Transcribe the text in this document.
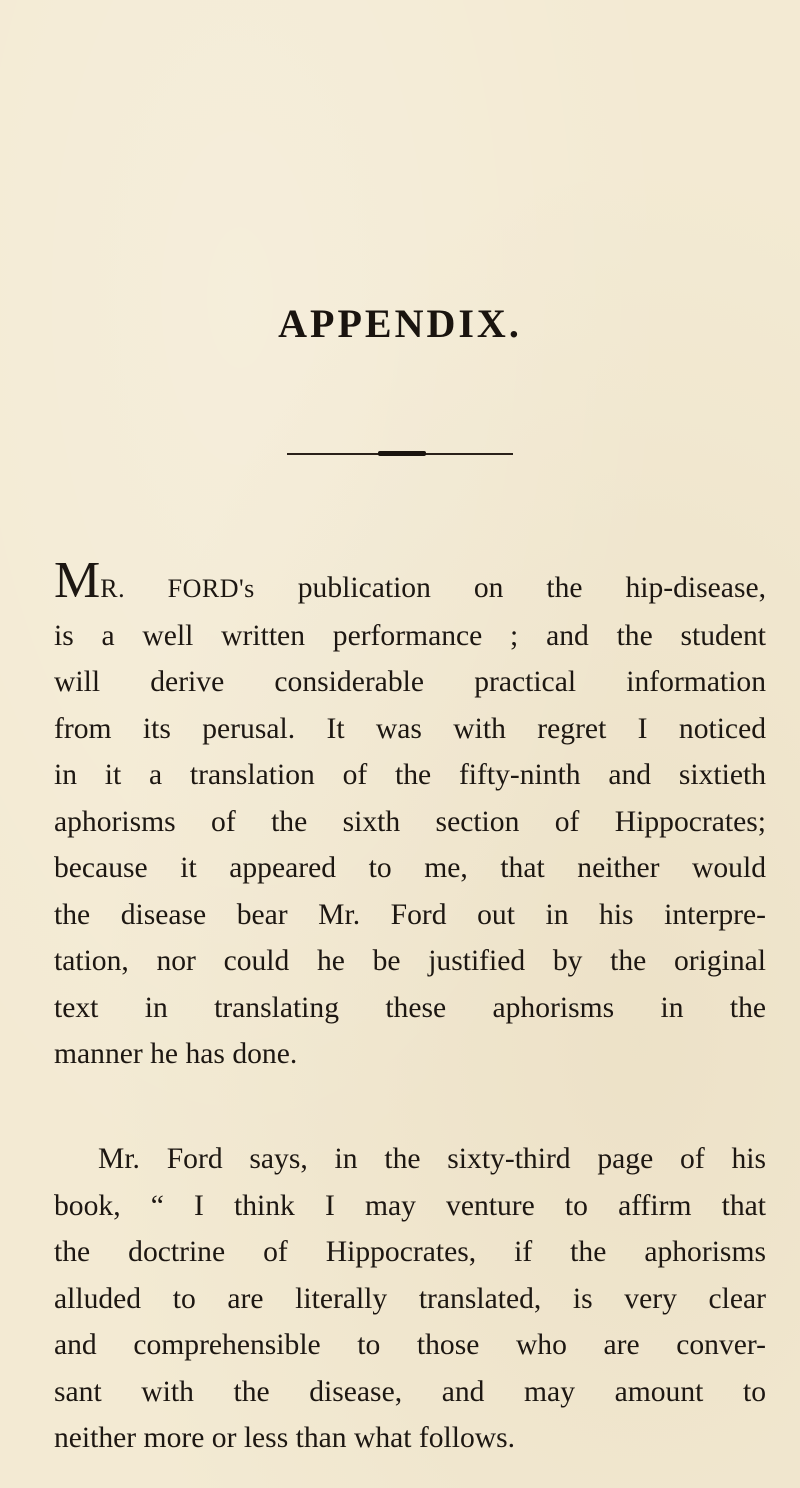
APPENDIX.
MR. FORD's publication on the hip-disease,
is a well written performance ; and the student
will derive considerable practical information
from its perusal. It was with regret I noticed
in it a translation of the fifty-ninth and sixtieth
aphorisms of the sixth section of Hippocrates;
because it appeared to me, that neither would
the disease bear Mr. Ford out in his interpre-
tation, nor could he be justified by the original
text in translating these aphorisms in the
manner he has done.
Mr. Ford says, in the sixty-third page of his
book, “ I think I may venture to affirm that
the doctrine of Hippocrates, if the aphorisms
alluded to are literally translated, is very clear
and comprehensible to those who are conver-
sant with the disease, and may amount to
neither more or less than what follows.
